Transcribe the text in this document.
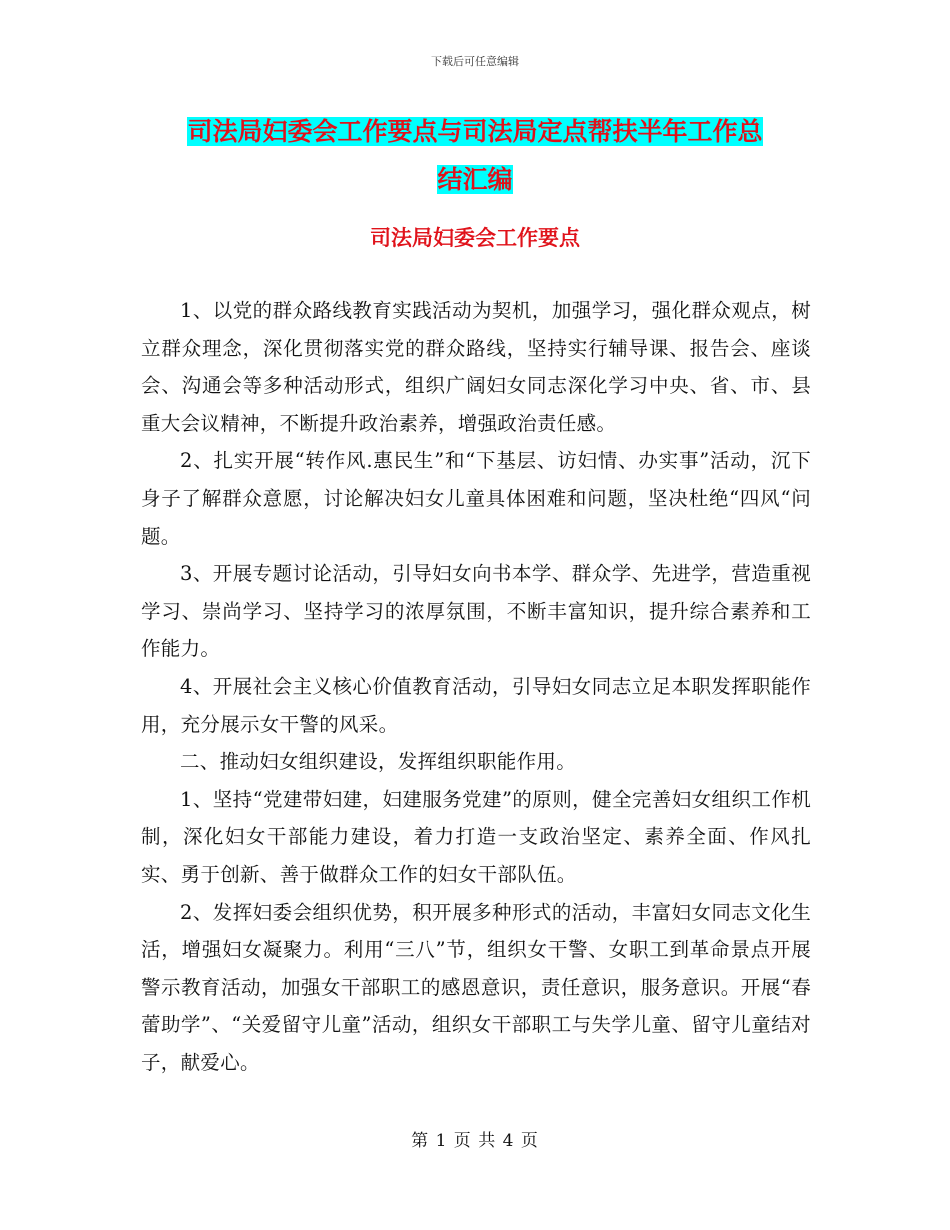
下载后可任意编辑
司法局妇委会工作要点与司法局定点帮扶半年工作总
结汇编
司法局妇委会工作要点

1、以党的群众路线教育实践活动为契机，加强学习，强化群众观点，树立群众理念，深化贯彻落实党的群众路线，坚持实行辅导课、报告会、座谈会、沟通会等多种活动形式，组织广阔妇女同志深化学习中央、省、市、县重大会议精神，不断提升政治素养，增强政治责任感。

2、扎实开展“转作风.惠民生”和“下基层、访妇情、办实事”活动，沉下身子了解群众意愿，讨论解决妇女儿童具体困难和问题，坚决杜绝“四风“问题。

3、开展专题讨论活动，引导妇女向书本学、群众学、先进学，营造重视学习、崇尚学习、坚持学习的浓厚氛围，不断丰富知识，提升综合素养和工作能力。

4、开展社会主义核心价值教育活动，引导妇女同志立足本职发挥职能作用，充分展示女干警的风采。

二、推动妇女组织建设，发挥组织职能作用。

1、坚持“党建带妇建，妇建服务党建”的原则，健全完善妇女组织工作机制，深化妇女干部能力建设，着力打造一支政治坚定、素养全面、作风扎实、勇于创新、善于做群众工作的妇女干部队伍。

2、发挥妇委会组织优势，积开展多种形式的活动，丰富妇女同志文化生活，增强妇女凝聚力。利用“三八”节，组织女干警、女职工到革命景点开展警示教育活动，加强女干部职工的感恩意识，责任意识，服务意识。开展“春蕾助学”、“关爱留守儿童”活动，组织女干部职工与失学儿童、留守儿童结对子，献爱心。

第 1 页 共 4 页
